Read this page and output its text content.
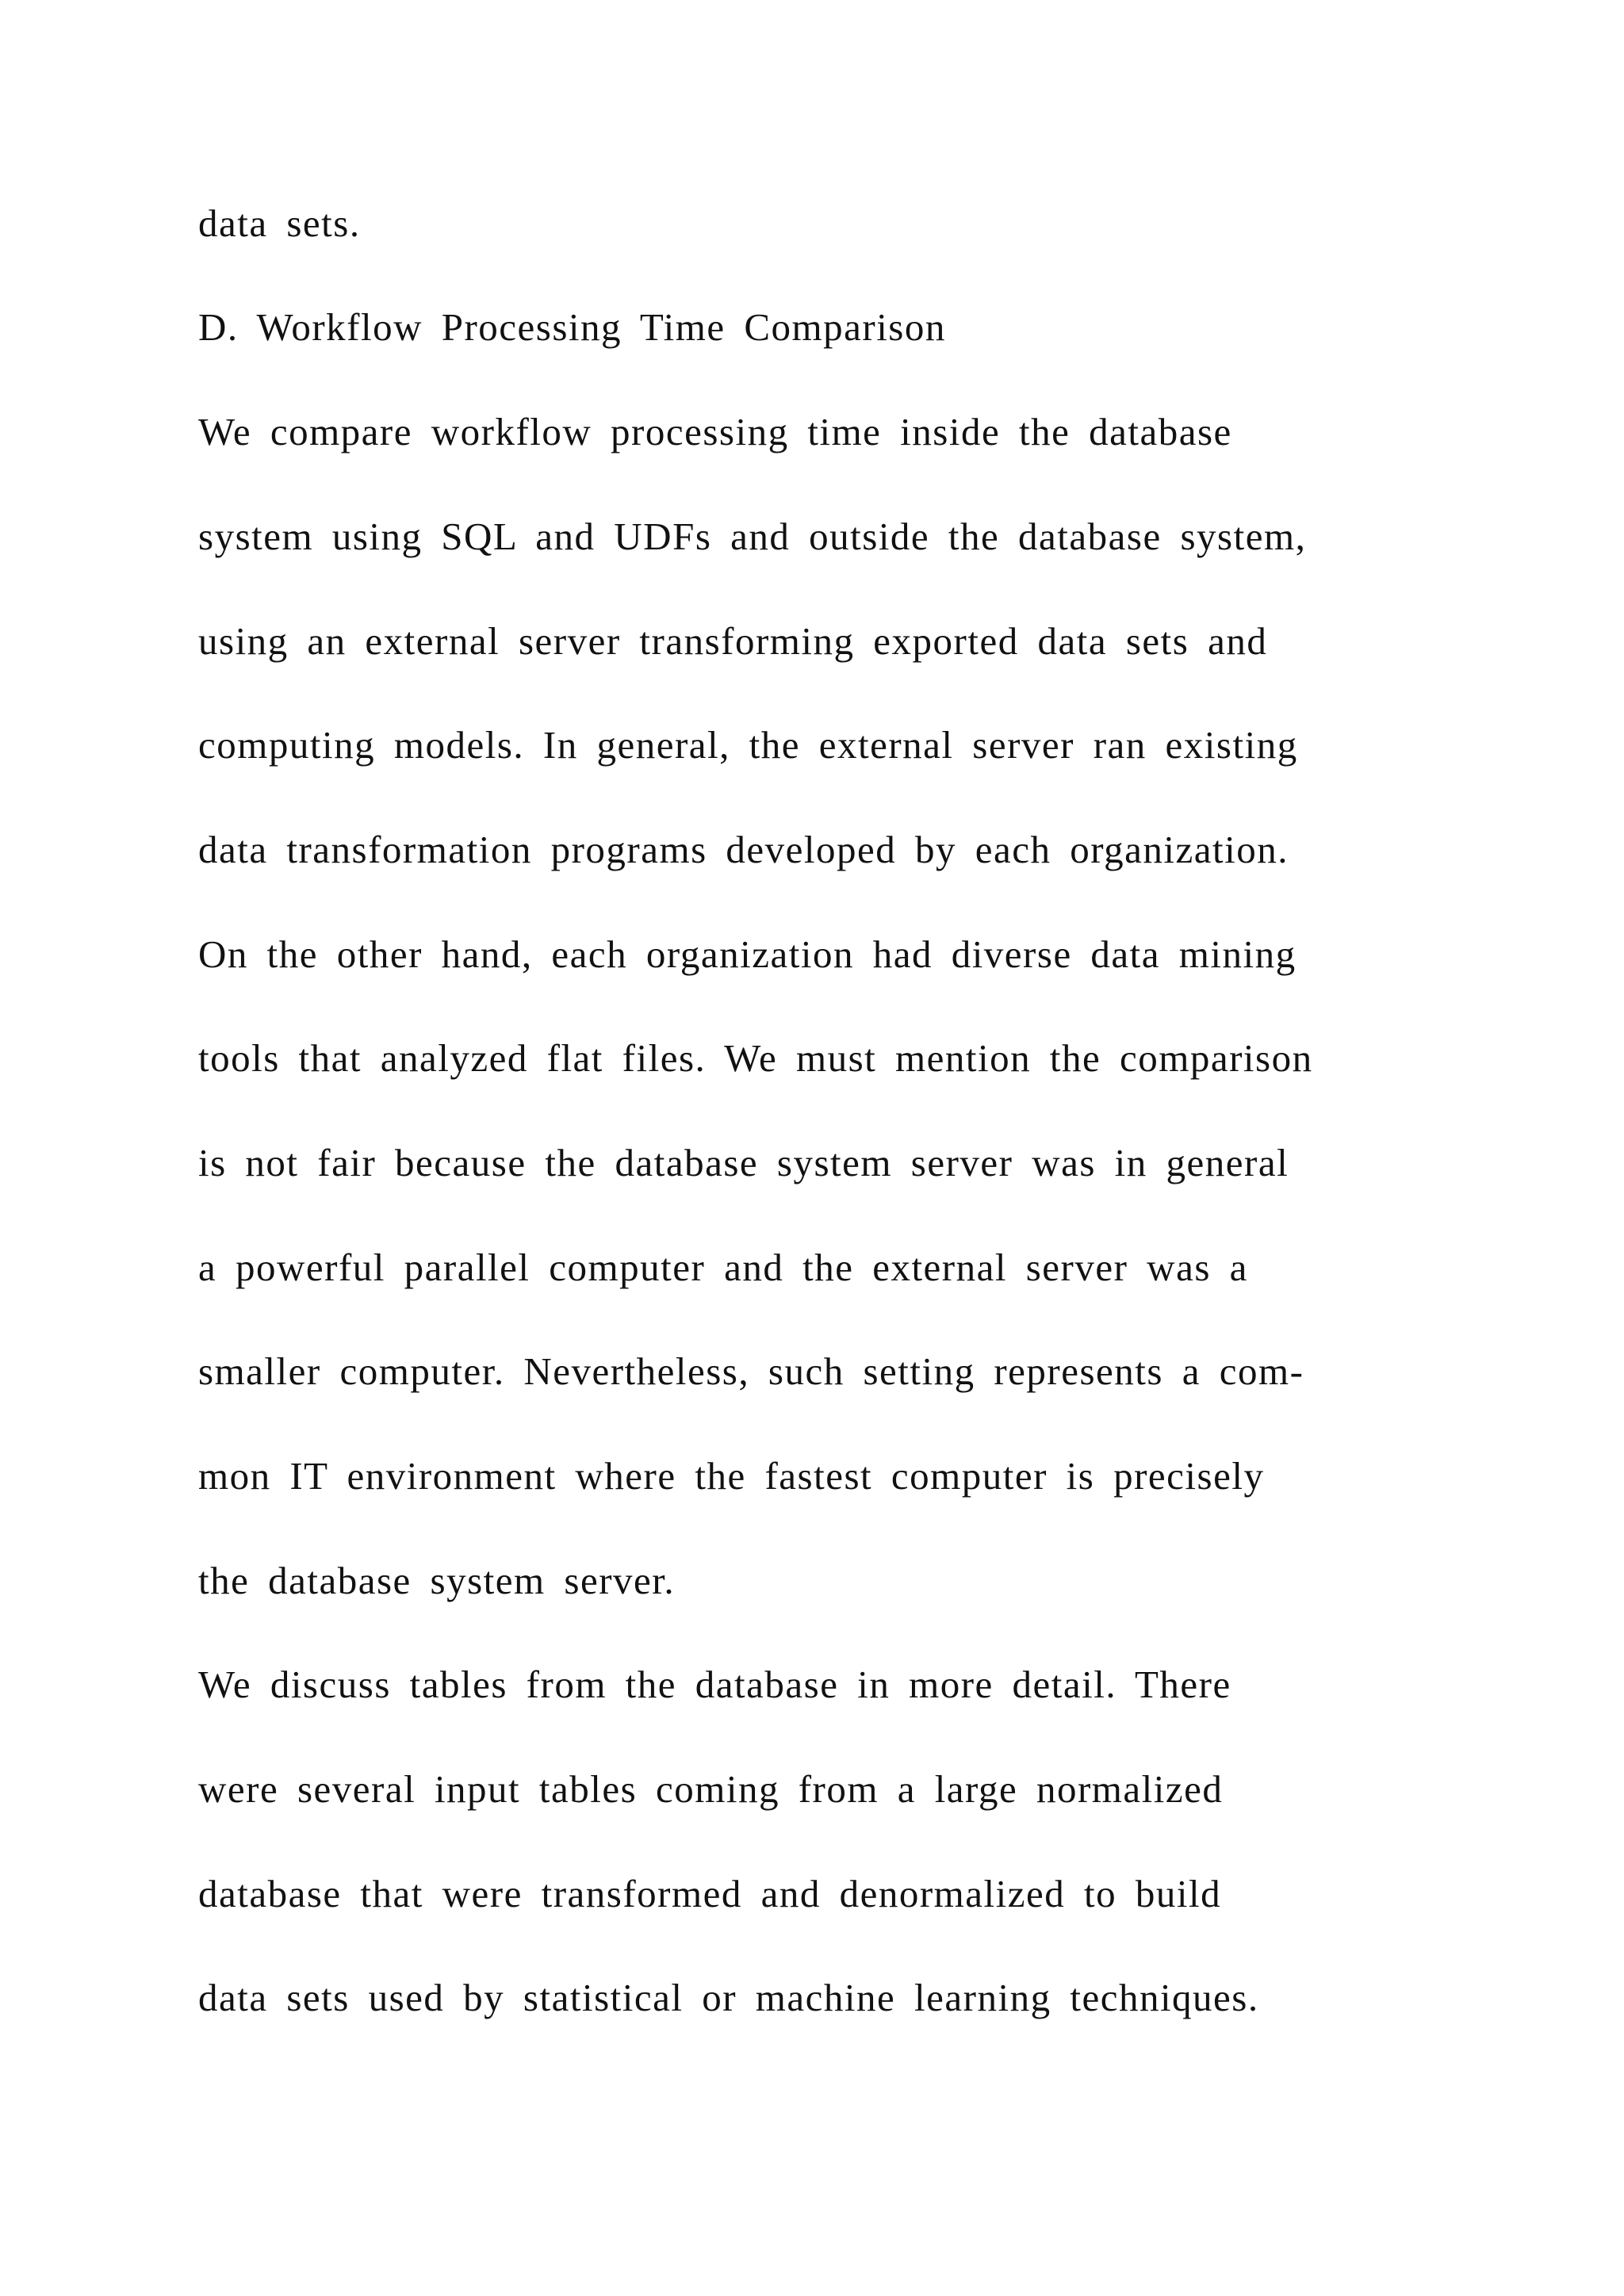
data sets.

D. Workflow Processing Time Comparison

We compare workflow processing time inside the database

system using SQL and UDFs and outside the database system,

using an external server transforming exported data sets and

computing models. In general, the external server ran existing

data transformation programs developed by each organization.

On the other hand, each organization had diverse data mining

tools that analyzed flat files. We must mention the comparison

is not fair because the database system server was in general

a powerful parallel computer and the external server was a

smaller computer. Nevertheless, such setting represents a com-

mon IT environment where the fastest computer is precisely

the database system server.

We discuss tables from the database in more detail. There

were several input tables coming from a large normalized

database that were transformed and denormalized to build

data sets used by statistical or machine learning techniques.
